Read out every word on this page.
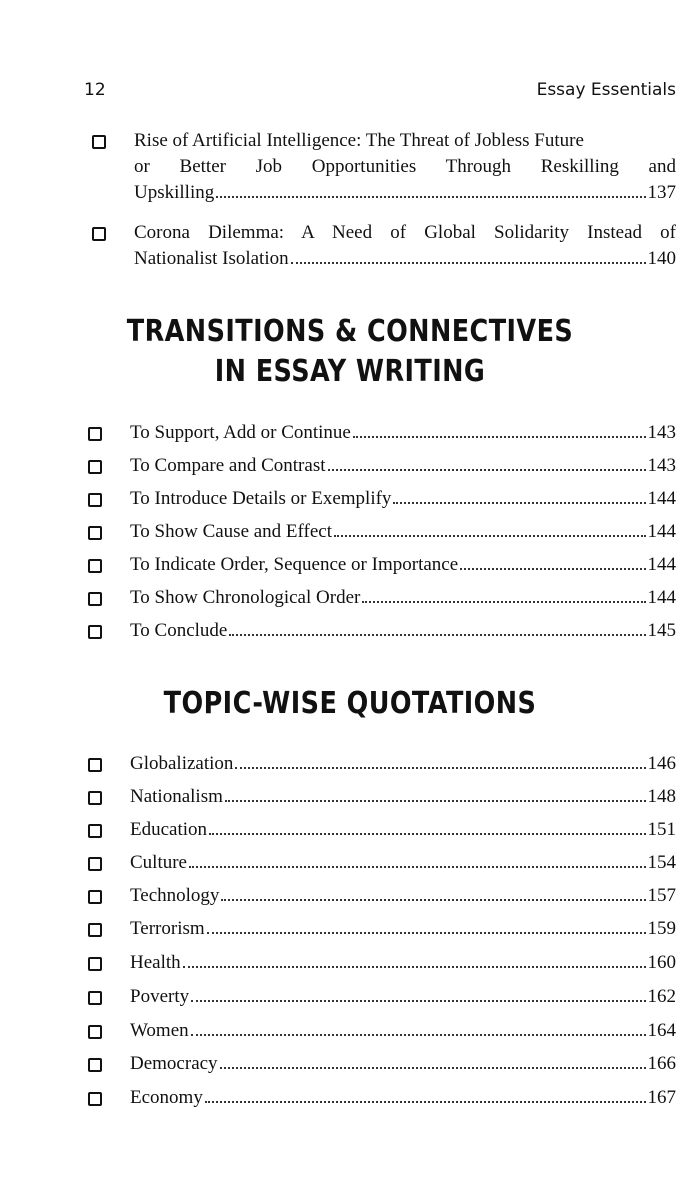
12	Essay Essentials
Rise of Artificial Intelligence: The Threat of Jobless Future
or Better Job Opportunities Through Reskilling and
Upskilling	137
Corona Dilemma: A Need of Global Solidarity Instead of
Nationalist Isolation	140
TRANSITIONS & CONNECTIVES
IN ESSAY WRITING
To Support, Add or Continue	143
To Compare and Contrast	143
To Introduce Details or Exemplify	144
To Show Cause and Effect	144
To Indicate Order, Sequence or Importance	144
To Show Chronological Order	144
To Conclude	145
TOPIC-WISE QUOTATIONS
Globalization	146
Nationalism	148
Education	151
Culture	154
Technology	157
Terrorism	159
Health	160
Poverty	162
Women	164
Democracy	166
Economy	167
